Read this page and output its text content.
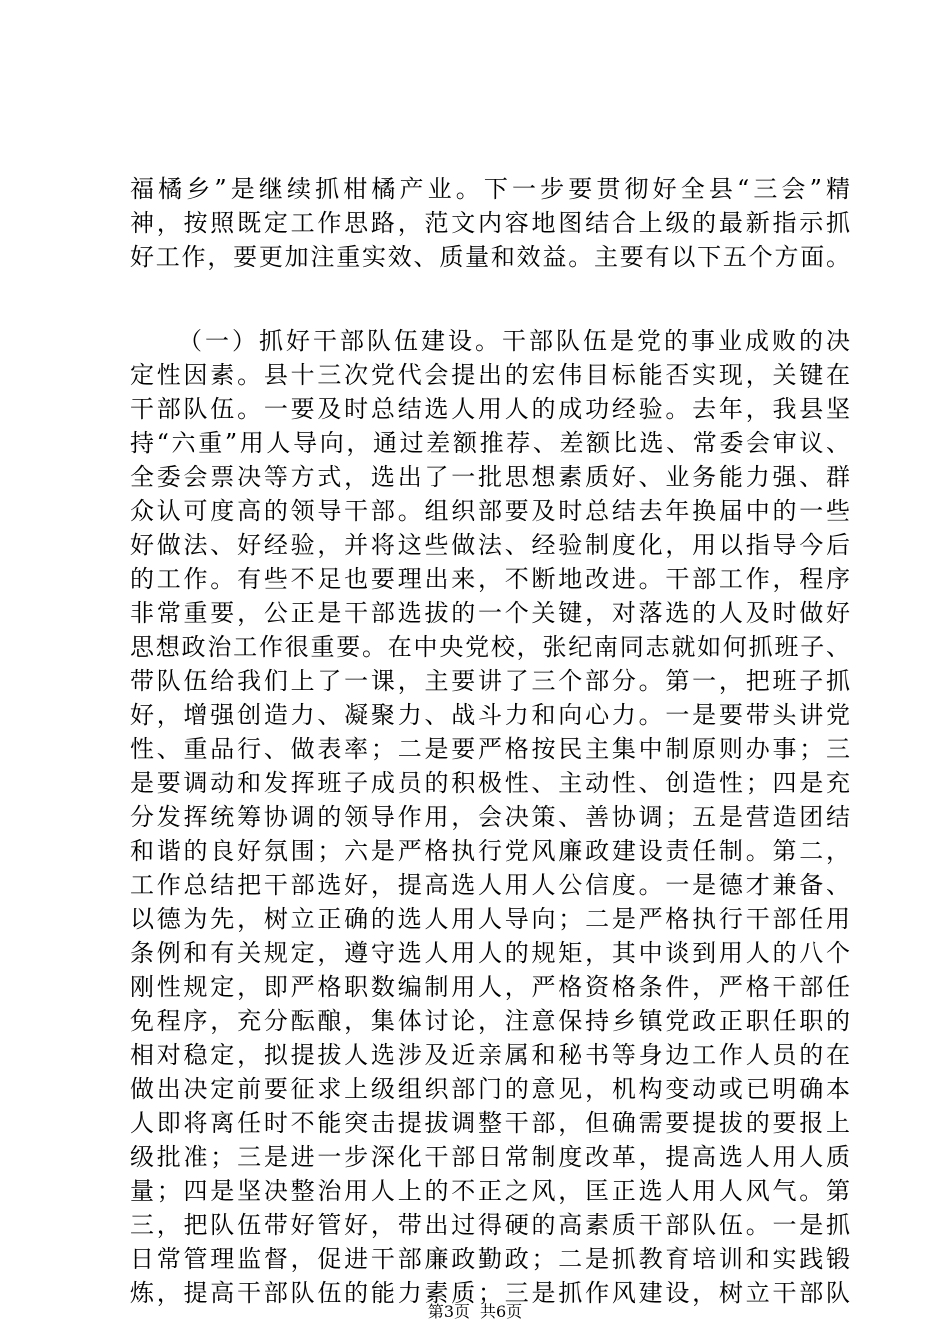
福橘乡”是继续抓柑橘产业。下一步要贯彻好全县“三会”精
神，按照既定工作思路，范文内容地图结合上级的最新指示抓
好工作，要更加注重实效、质量和效益。主要有以下五个方面。
（一）抓好干部队伍建设。干部队伍是党的事业成败的决
定性因素。县十三次党代会提出的宏伟目标能否实现，关键在
干部队伍。一要及时总结选人用人的成功经验。去年，我县坚
持“六重”用人导向，通过差额推荐、差额比选、常委会审议、
全委会票决等方式，选出了一批思想素质好、业务能力强、群
众认可度高的领导干部。组织部要及时总结去年换届中的一些
好做法、好经验，并将这些做法、经验制度化，用以指导今后
的工作。有些不足也要理出来，不断地改进。干部工作，程序
非常重要，公正是干部选拔的一个关键，对落选的人及时做好
思想政治工作很重要。在中央党校，张纪南同志就如何抓班子、
带队伍给我们上了一课，主要讲了三个部分。第一，把班子抓
好，增强创造力、凝聚力、战斗力和向心力。一是要带头讲党
性、重品行、做表率；二是要严格按民主集中制原则办事；三
是要调动和发挥班子成员的积极性、主动性、创造性；四是充
分发挥统筹协调的领导作用，会决策、善协调；五是营造团结
和谐的良好氛围；六是严格执行党风廉政建设责任制。第二，
工作总结把干部选好，提高选人用人公信度。一是德才兼备、
以德为先，树立正确的选人用人导向；二是严格执行干部任用
条例和有关规定，遵守选人用人的规矩，其中谈到用人的八个
刚性规定，即严格职数编制用人，严格资格条件，严格干部任
免程序，充分酝酿，集体讨论，注意保持乡镇党政正职任职的
相对稳定，拟提拔人选涉及近亲属和秘书等身边工作人员的在
做出决定前要征求上级组织部门的意见，机构变动或已明确本
人即将离任时不能突击提拔调整干部，但确需要提拔的要报上
级批准；三是进一步深化干部日常制度改革，提高选人用人质
量；四是坚决整治用人上的不正之风，匡正选人用人风气。第
三，把队伍带好管好，带出过得硬的高素质干部队伍。一是抓
日常管理监督，促进干部廉政勤政；二是抓教育培训和实践锻
炼，提高干部队伍的能力素质；三是抓作风建设，树立干部队
第3页 共6页
